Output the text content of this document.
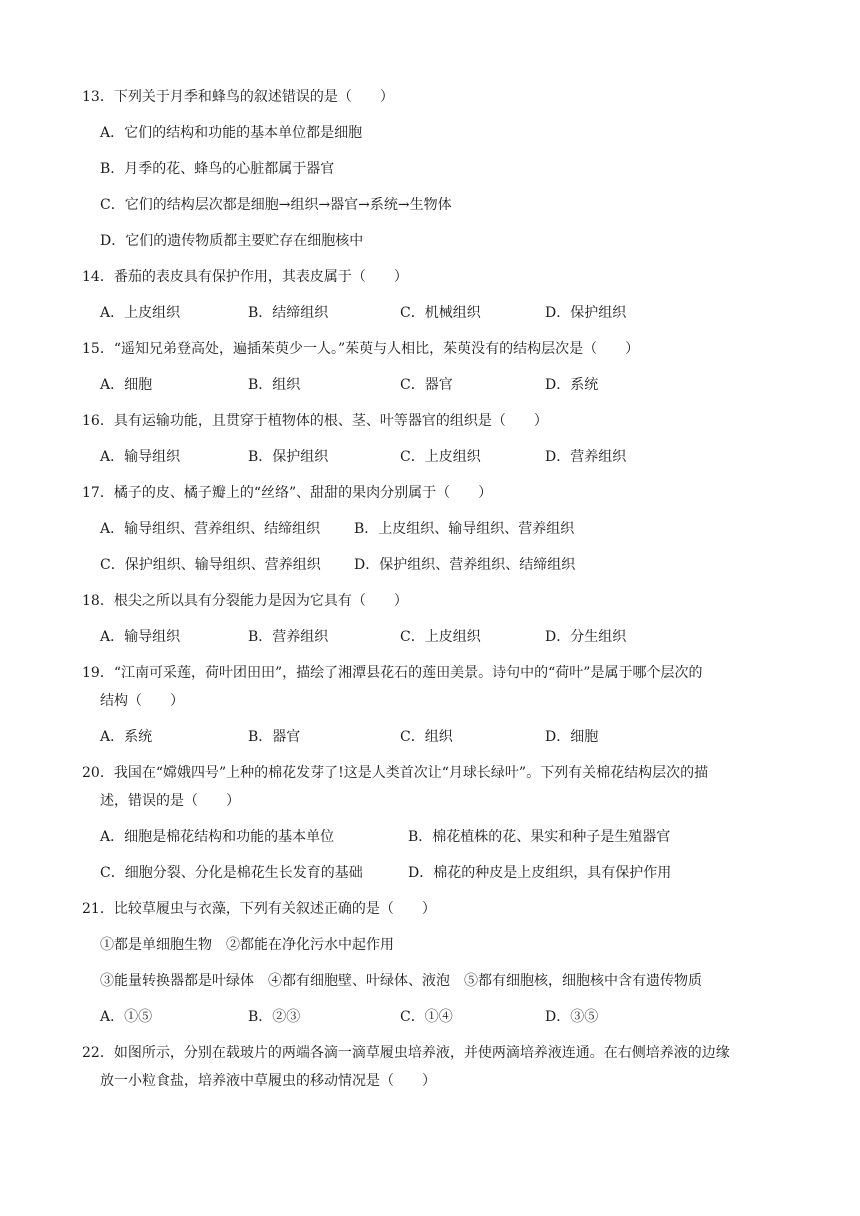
13．下列关于月季和蜂鸟的叙述错误的是（　　）
A．它们的结构和功能的基本单位都是细胞
B．月季的花、蜂鸟的心脏都属于器官
C．它们的结构层次都是细胞→组织→器官→系统→生物体
D．它们的遗传物质都主要贮存在细胞核中
14．番茄的表皮具有保护作用，其表皮属于（　　）
A．上皮组织	B．结缔组织	C．机械组织	D．保护组织
15．“遥知兄弟登高处，遍插茱萸少一人。”茱萸与人相比，茱萸没有的结构层次是（　　）
A．细胞	B．组织	C．器官	D．系统
16．具有运输功能，且贯穿于植物体的根、茎、叶等器官的组织是（　　）
A．输导组织	B．保护组织	C．上皮组织	D．营养组织
17．橘子的皮、橘子瓣上的“丝络”、甜甜的果肉分别属于（　　）
A．输导组织、营养组织、结缔组织 B．上皮组织、输导组织、营养组织
C．保护组织、输导组织、营养组织 D．保护组织、营养组织、结缔组织
18．根尖之所以具有分裂能力是因为它具有（　　）
A．输导组织	B．营养组织	C．上皮组织	D．分生组织
19．“江南可采莲，荷叶团田田”，描绘了湘潭县花石的莲田美景。诗句中的“荷叶”是属于哪个层次的
结构（　　）
A．系统	B．器官	C．组织	D．细胞
20．我国在“嫦娥四号”上种的棉花发芽了!这是人类首次让“月球长绿叶”。下列有关棉花结构层次的描
述，错误的是（　　）
A．细胞是棉花结构和功能的基本单位	B．棉花植株的花、果实和种子是生殖器官
C．细胞分裂、分化是棉花生长发育的基础	D．棉花的种皮是上皮组织，具有保护作用
21．比较草履虫与衣藻，下列有关叙述正确的是（　　）
①都是单细胞生物　②都能在净化污水中起作用
③能量转换器都是叶绿体　④都有细胞壁、叶绿体、液泡　⑤都有细胞核，细胞核中含有遗传物质
A．①⑤	B．②③	C．①④	D．③⑤
22．如图所示，分别在载玻片的两端各滴一滴草履虫培养液，并使两滴培养液连通。在右侧培养液的边缘
放一小粒食盐，培养液中草履虫的移动情况是（　　）
